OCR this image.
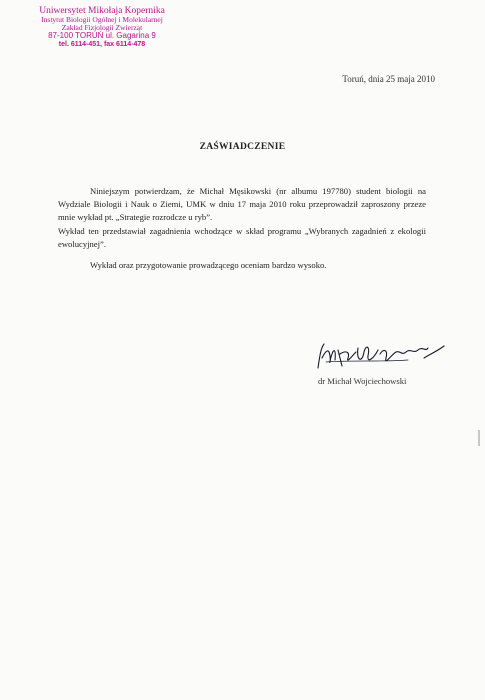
Uniwersytet Mikołaja Kopernika
Instytut Biologii Ogólnej i Molekularnej
Zakład Fizjologii Zwierząt
87-100 TORUŃ ul. Gagarina 9
tel. 6114-451, fax 6114-478
Toruń, dnia 25 maja 2010
ZAŚWIADCZENIE

Niniejszym potwierdzam, że Michał Męsikowski (nr albumu 197780) student biologii na Wydziale Biologii i Nauk o Ziemi, UMK w dniu 17 maja 2010 roku przeprowadził zaproszony przeze mnie wykład pt. „Strategie rozrodcze u ryb”.

Wykład ten przedstawiał zagadnienia wchodzące w skład programu „Wybranych zagadnień z ekologii ewolucyjnej”.

Wykład oraz przygotowanie prowadzącego oceniam bardzo wysoko.

dr Michał Wojciechowski
